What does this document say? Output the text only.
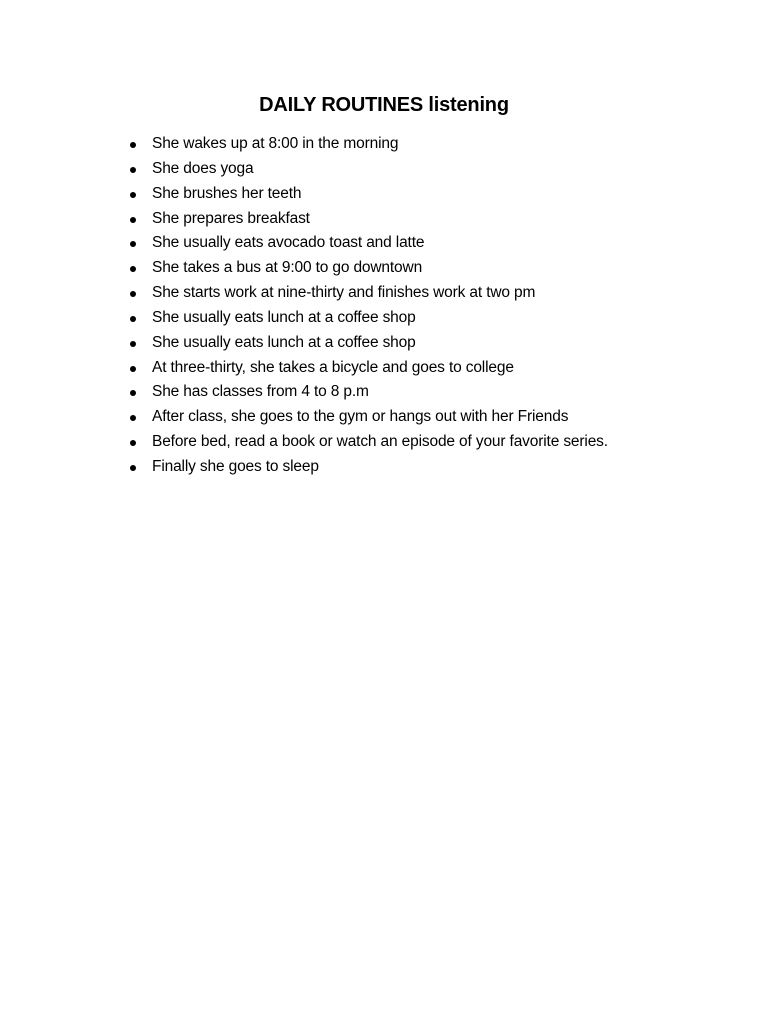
DAILY ROUTINES listening
She wakes up at 8:00 in the morning
She does yoga
She brushes her teeth
She prepares breakfast
She usually eats avocado toast and latte
She takes a bus at 9:00 to go downtown
She starts work at nine-thirty and finishes work at two pm
She usually eats lunch at a coffee shop
She usually eats lunch at a coffee shop
At three-thirty, she takes a bicycle and goes to college
She has classes from 4 to 8 p.m
After class, she goes to the gym or hangs out with her Friends
Before bed, read a book or watch an episode of your favorite series.
Finally she goes to sleep
